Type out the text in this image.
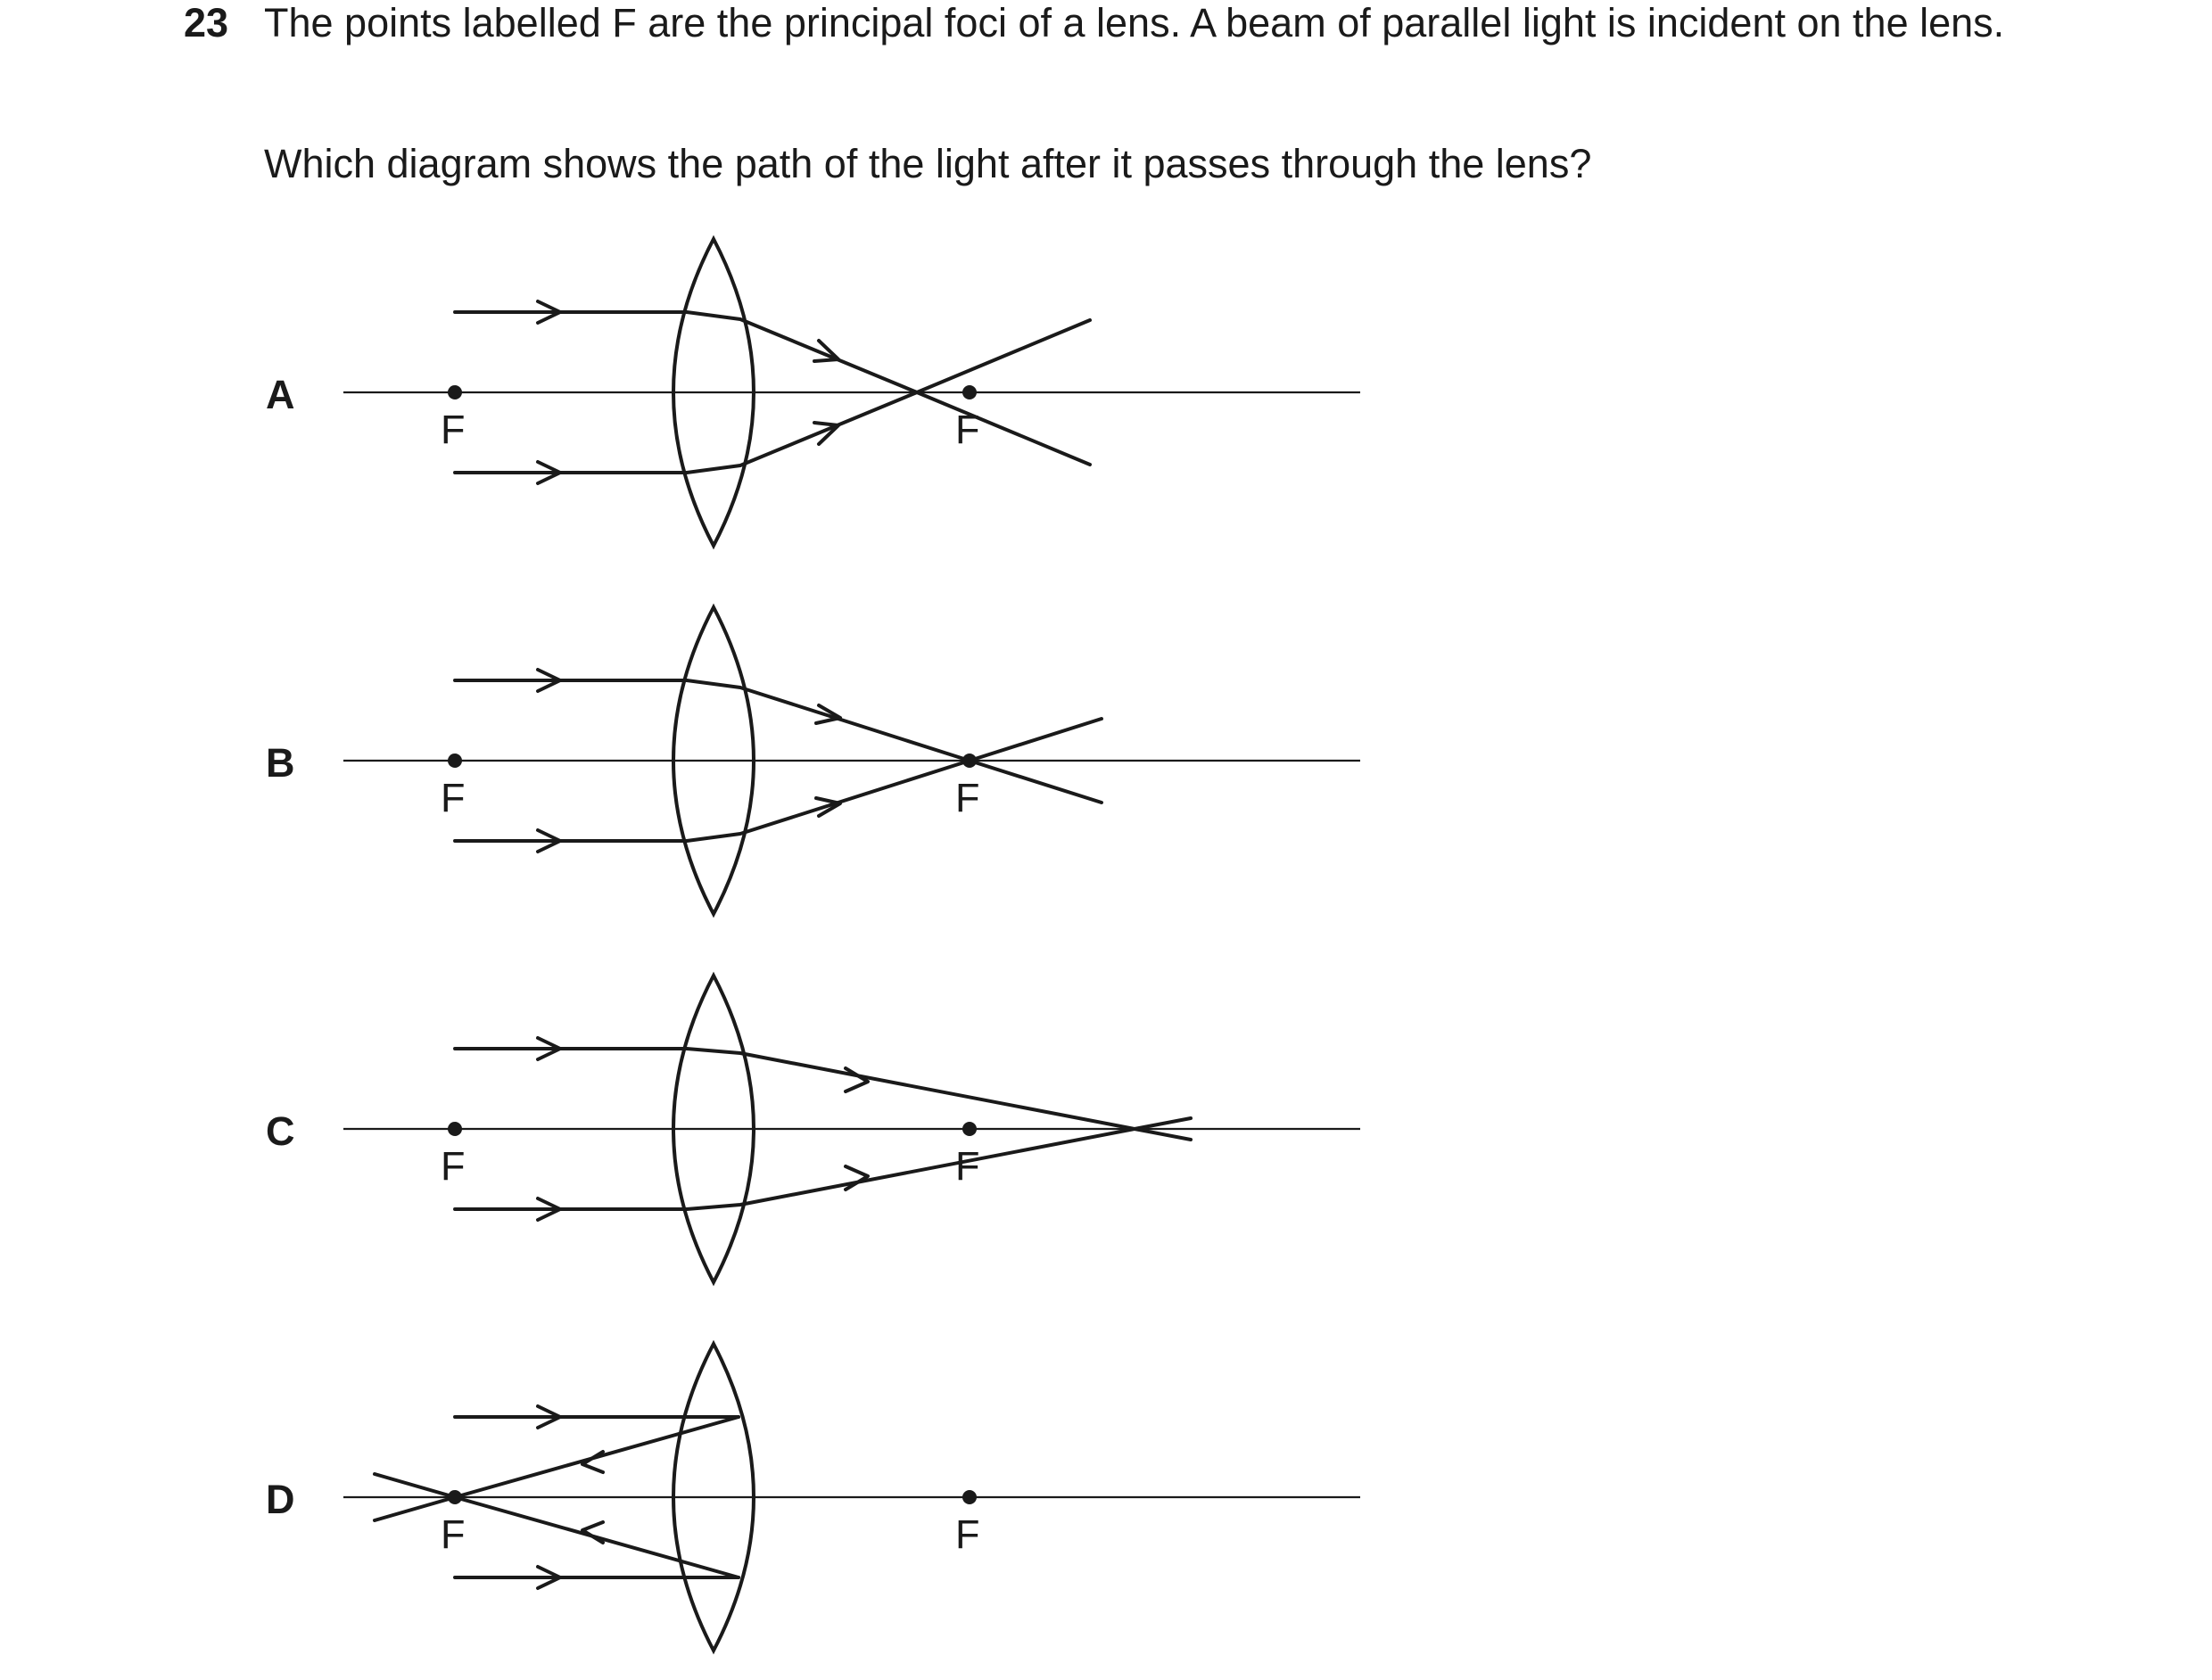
23 The points labelled F are the principal foci of a lens. A beam of parallel light is incident on the lens.
Which diagram shows the path of the light after it passes through the lens?
A
F	F
B
F	F
C
F	F
D
F	F
